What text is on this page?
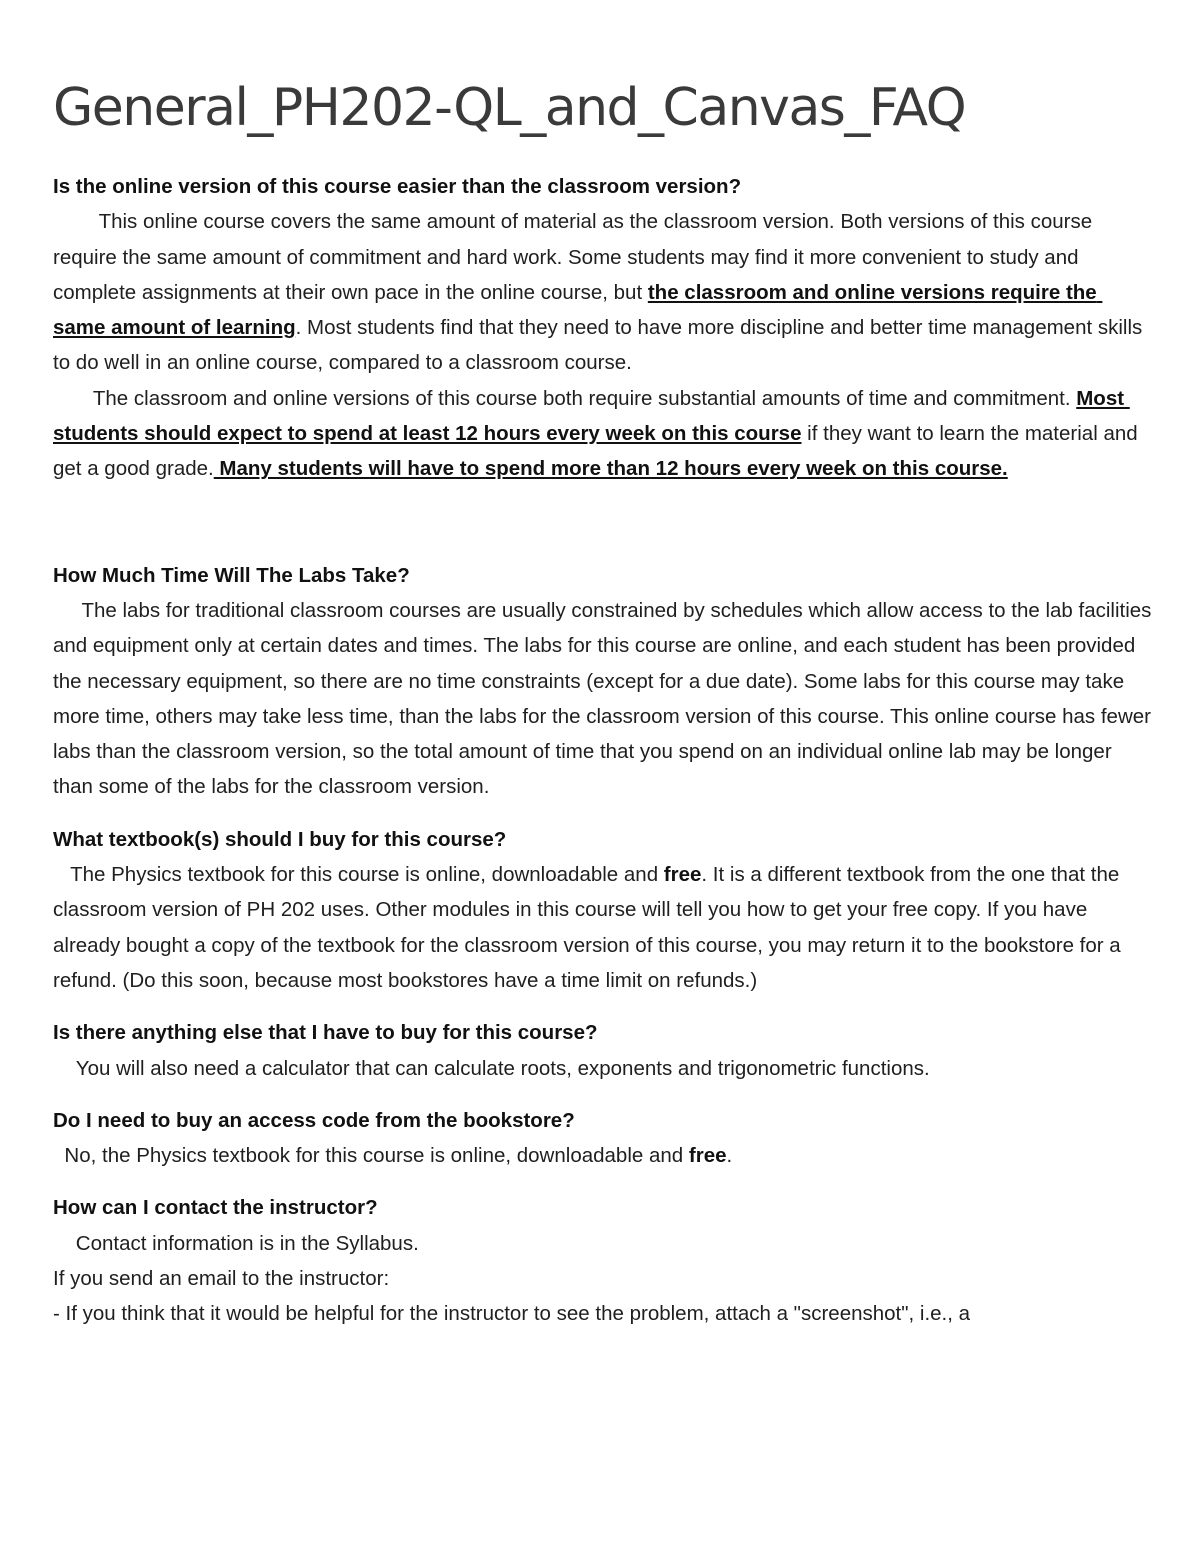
General_PH202-QL_and_Canvas_FAQ

Is the online version of this course easier than the classroom version?

This online course covers the same amount of material as the classroom version. Both versions of this course require the same amount of commitment and hard work. Some students may find it more convenient to study and complete assignments at their own pace in the online course, but the classroom and online versions require the same amount of learning. Most students find that they need to have more discipline and better time management skills to do well in an online course, compared to a classroom course.

The classroom and online versions of this course both require substantial amounts of time and commitment. Most students should expect to spend at least 12 hours every week on this course if they want to learn the material and get a good grade. Many students will have to spend more than 12 hours every week on this course.

How Much Time Will The Labs Take?

The labs for traditional classroom courses are usually constrained by schedules which allow access to the lab facilities and equipment only at certain dates and times. The labs for this course are online, and each student has been provided the necessary equipment, so there are no time constraints (except for a due date). Some labs for this course may take more time, others may take less time, than the labs for the classroom version of this course. This online course has fewer labs than the classroom version, so the total amount of time that you spend on an individual online lab may be longer than some of the labs for the classroom version.

What textbook(s) should I buy for this course?

The Physics textbook for this course is online, downloadable and free. It is a different textbook from the one that the classroom version of PH 202 uses. Other modules in this course will tell you how to get your free copy. If you have already bought a copy of the textbook for the classroom version of this course, you may return it to the bookstore for a refund. (Do this soon, because most bookstores have a time limit on refunds.)

Is there anything else that I have to buy for this course?

You will also need a calculator that can calculate roots, exponents and trigonometric functions.

Do I need to buy an access code from the bookstore?

No, the Physics textbook for this course is online, downloadable and free.

How can I contact the instructor?

Contact information is in the Syllabus.

If you send an email to the instructor:

- If you think that it would be helpful for the instructor to see the problem, attach a "screenshot", i.e., a
